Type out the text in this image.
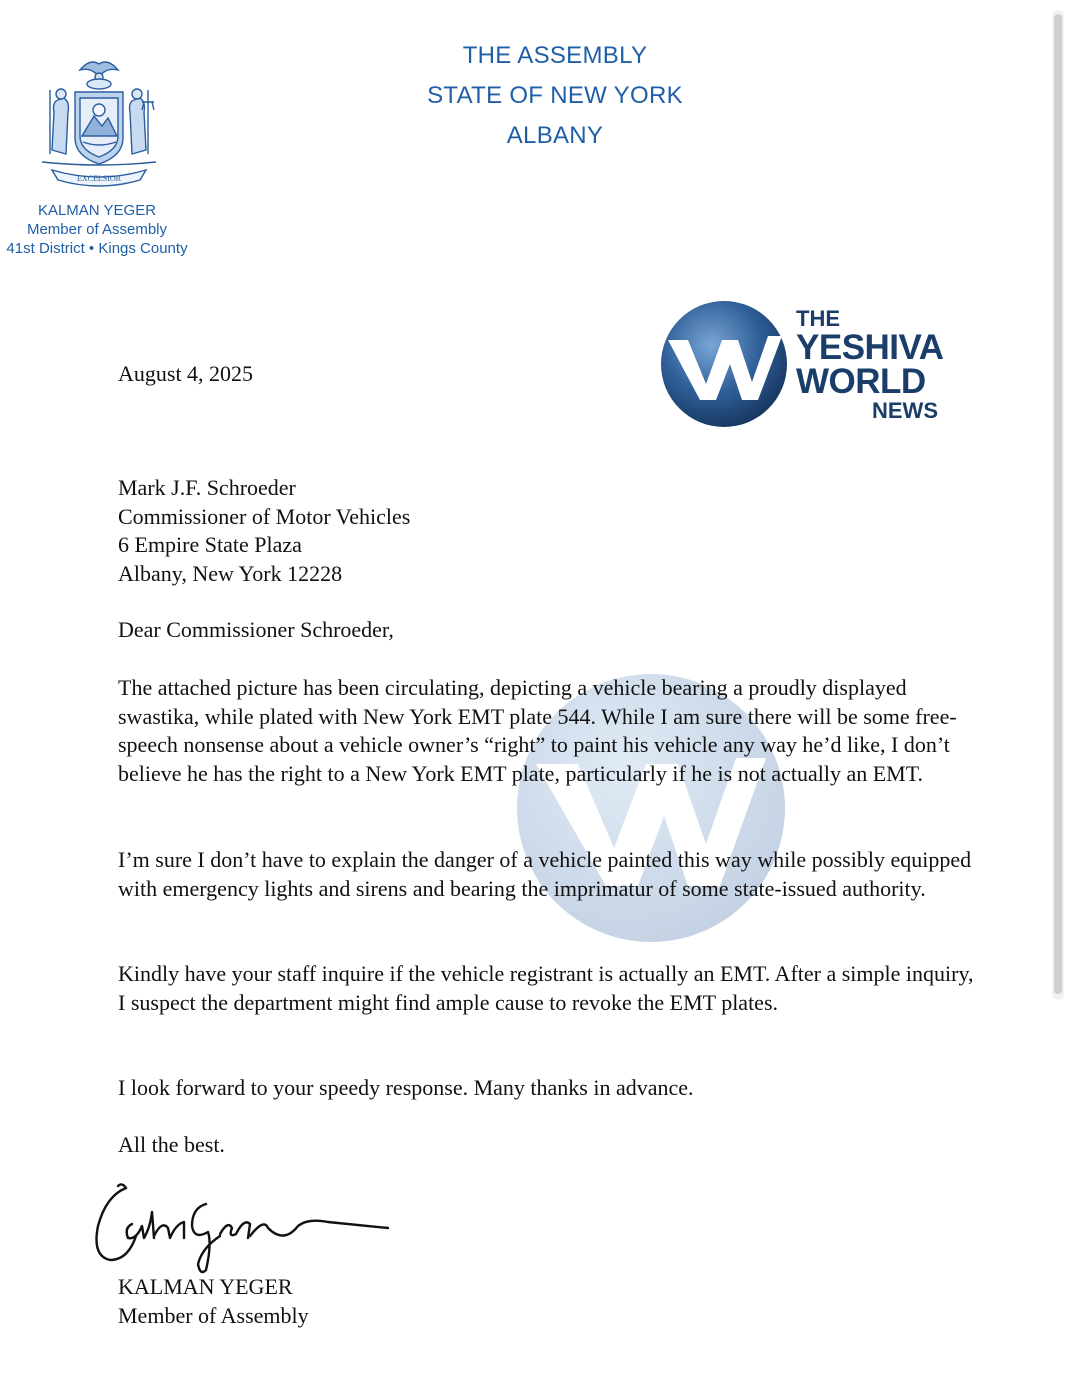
EXCELSIOR
THE ASSEMBLY
STATE OF NEW YORK
ALBANY
KALMAN YEGER
Member of Assembly
41st District • Kings County
THE
YESHIVA
WORLD
NEWS
August 4, 2025
Mark J.F. Schroeder
Commissioner of Motor Vehicles
6 Empire State Plaza
Albany, New York 12228
Dear Commissioner Schroeder,
The attached picture has been circulating, depicting a vehicle bearing a proudly displayed swastika, while plated with New York EMT plate 544. While I am sure there will be some free-speech nonsense about a vehicle owner’s “right” to paint his vehicle any way he’d like, I don’t believe he has the right to a New York EMT plate, particularly if he is not actually an EMT.
I’m sure I don’t have to explain the danger of a vehicle painted this way while possibly equipped with emergency lights and sirens and bearing the imprimatur of some state-issued authority.
Kindly have your staff inquire if the vehicle registrant is actually an EMT. After a simple inquiry, I suspect the department might find ample cause to revoke the EMT plates.
I look forward to your speedy response. Many thanks in advance.
All the best.
KALMAN YEGER
Member of Assembly
